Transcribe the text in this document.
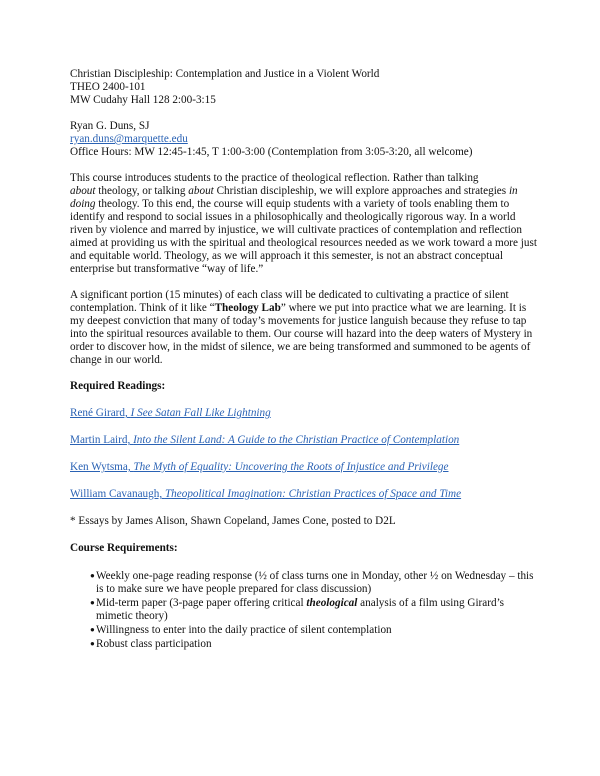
Christian Discipleship: Contemplation and Justice in a Violent World
THEO 2400-101
MW Cudahy Hall 128 2:00-3:15
Ryan G. Duns, SJ
ryan.duns@marquette.edu
Office Hours: MW 12:45-1:45, T 1:00-3:00 (Contemplation from 3:05-3:20, all welcome)

This course introduces students to the practice of theological reflection. Rather than talking
about theology, or talking about Christian discipleship, we will explore approaches and strategies in doing theology. To this end, the course will equip students with a variety of tools enabling them to identify and respond to social issues in a philosophically and theologically rigorous way. In a world riven by violence and marred by injustice, we will cultivate practices of contemplation and reflection aimed at providing us with the spiritual and theological resources needed as we work toward a more just and equitable world. Theology, as we will approach it this semester, is not an abstract conceptual enterprise but transformative “way of life.”

A significant portion (15 minutes) of each class will be dedicated to cultivating a practice of silent contemplation. Think of it like “Theology Lab” where we put into practice what we are learning. It is my deepest conviction that many of today’s movements for justice languish because they refuse to tap into the spiritual resources available to them. Our course will hazard into the deep waters of Mystery in order to discover how, in the midst of silence, we are being transformed and summoned to be agents of change in our world.

Required Readings:
René Girard, I See Satan Fall Like Lightning
Martin Laird, Into the Silent Land: A Guide to the Christian Practice of Contemplation
Ken Wytsma, The Myth of Equality: Uncovering the Roots of Injustice and Privilege
William Cavanaugh, Theopolitical Imagination: Christian Practices of Space and Time
* Essays by James Alison, Shawn Copeland, James Cone, posted to D2L
Course Requirements:
●Weekly one-page reading response (½ of class turns one in Monday, other ½ on Wednesday – this is to make sure we have people prepared for class discussion)
●Mid-term paper (3-page paper offering critical theological analysis of a film using Girard’s mimetic theory)
●Willingness to enter into the daily practice of silent contemplation
●Robust class participation
